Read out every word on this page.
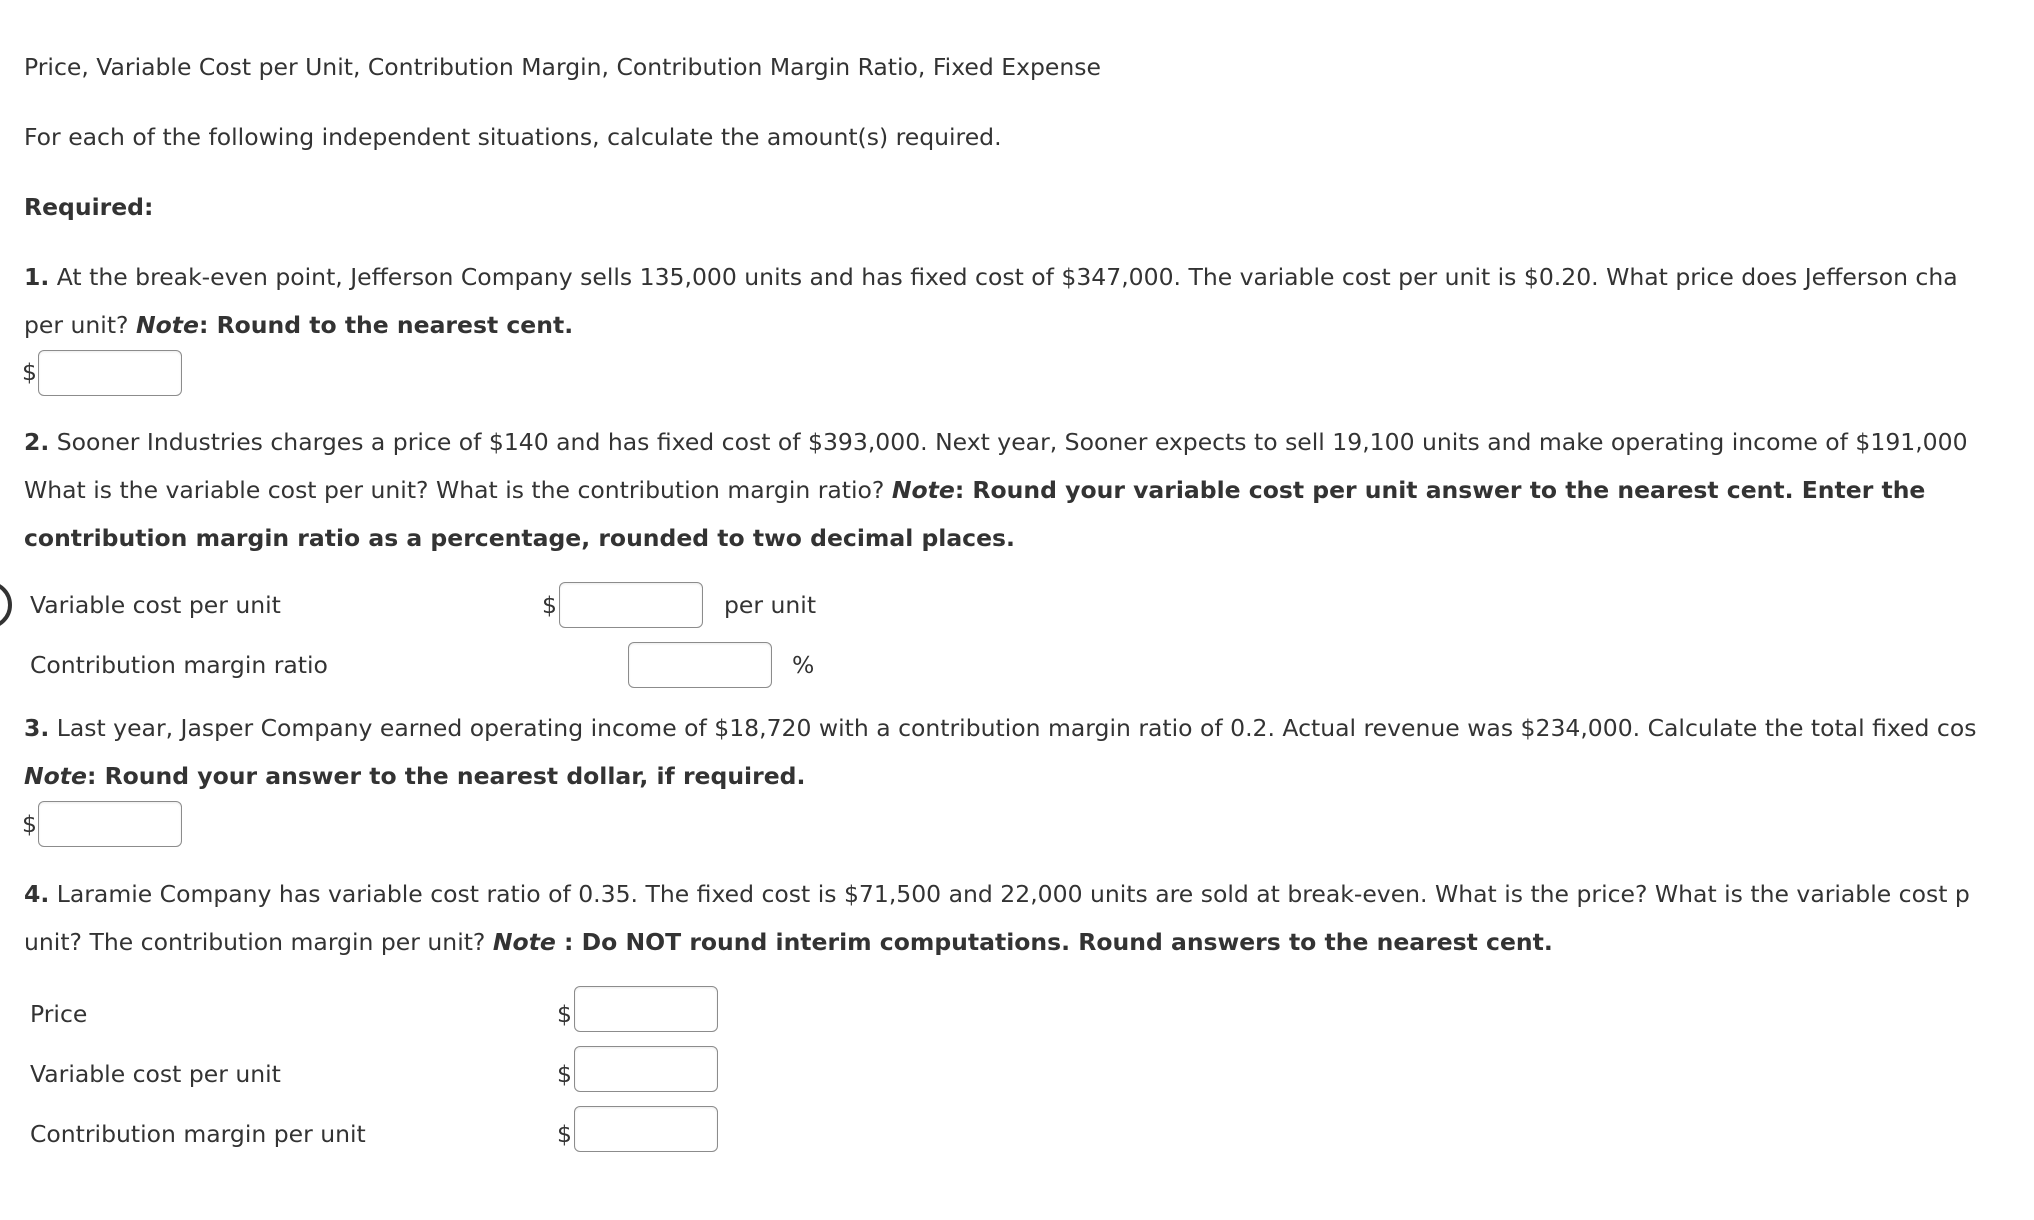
Price, Variable Cost per Unit, Contribution Margin, Contribution Margin Ratio, Fixed Expense
For each of the following independent situations, calculate the amount(s) required.
Required:
1. At the break-even point, Jefferson Company sells 135,000 units and has fixed cost of $347,000. The variable cost per unit is $0.20. What price does Jefferson cha
per unit? Note: Round to the nearest cent.
$
2. Sooner Industries charges a price of $140 and has fixed cost of $393,000. Next year, Sooner expects to sell 19,100 units and make operating income of $191,000
What is the variable cost per unit? What is the contribution margin ratio? Note: Round your variable cost per unit answer to the nearest cent. Enter the
contribution margin ratio as a percentage, rounded to two decimal places.
Variable cost per unit	$	per unit
Contribution margin ratio	%
3. Last year, Jasper Company earned operating income of $18,720 with a contribution margin ratio of 0.2. Actual revenue was $234,000. Calculate the total fixed cos
Note: Round your answer to the nearest dollar, if required.
$
4. Laramie Company has variable cost ratio of 0.35. The fixed cost is $71,500 and 22,000 units are sold at break-even. What is the price? What is the variable cost p
unit? The contribution margin per unit? Note : Do NOT round interim computations. Round answers to the nearest cent.
Price	$
Variable cost per unit	$
Contribution margin per unit	$
